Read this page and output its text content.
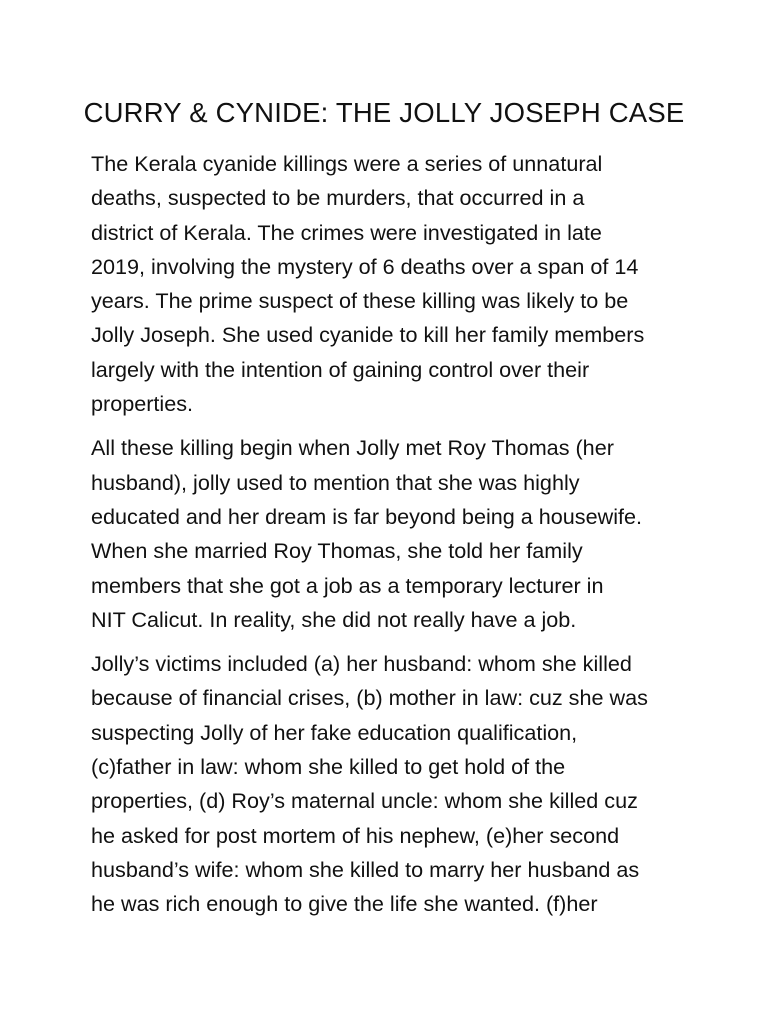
CURRY & CYNIDE: THE JOLLY JOSEPH CASE

The Kerala cyanide killings were a series of unnatural
deaths, suspected to be murders, that occurred in a
district of Kerala. The crimes were investigated in late
2019, involving the mystery of 6 deaths over a span of 14
years. The prime suspect of these killing was likely to be
Jolly Joseph. She used cyanide to kill her family members
largely with the intention of gaining control over their
properties.

All these killing begin when Jolly met Roy Thomas (her
husband), jolly used to mention that she was highly
educated and her dream is far beyond being a housewife.
When she married Roy Thomas, she told her family
members that she got a job as a temporary lecturer in
NIT Calicut. In reality, she did not really have a job.

Jolly’s victims included (a) her husband: whom she killed
because of financial crises, (b) mother in law: cuz she was
suspecting Jolly of her fake education qualification,
(c)father in law: whom she killed to get hold of the
properties, (d) Roy’s maternal uncle: whom she killed cuz
he asked for post mortem of his nephew, (e)her second
husband’s wife: whom she killed to marry her husband as
he was rich enough to give the life she wanted. (f)her
